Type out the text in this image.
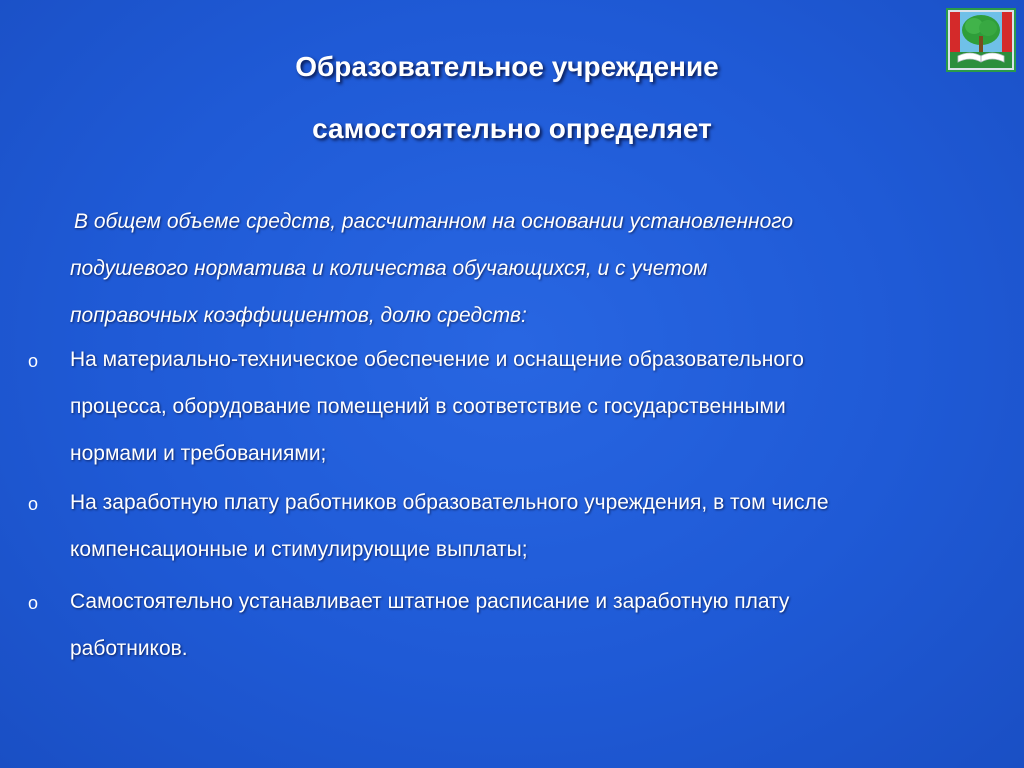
Образовательное учреждение
самостоятельно определяет
В общем объеме средств, рассчитанном на основании установленного
подушевого норматива и количества обучающихся, и с учетом
поправочных коэффициентов, долю средств:
o На материально-техническое обеспечение и оснащение образовательного
процесса, оборудование помещений в соответствие с государственными
нормами и требованиями;
o На заработную плату работников образовательного учреждения, в том числе
компенсационные и стимулирующие выплаты;
o Самостоятельно устанавливает штатное расписание и заработную плату
работников.
